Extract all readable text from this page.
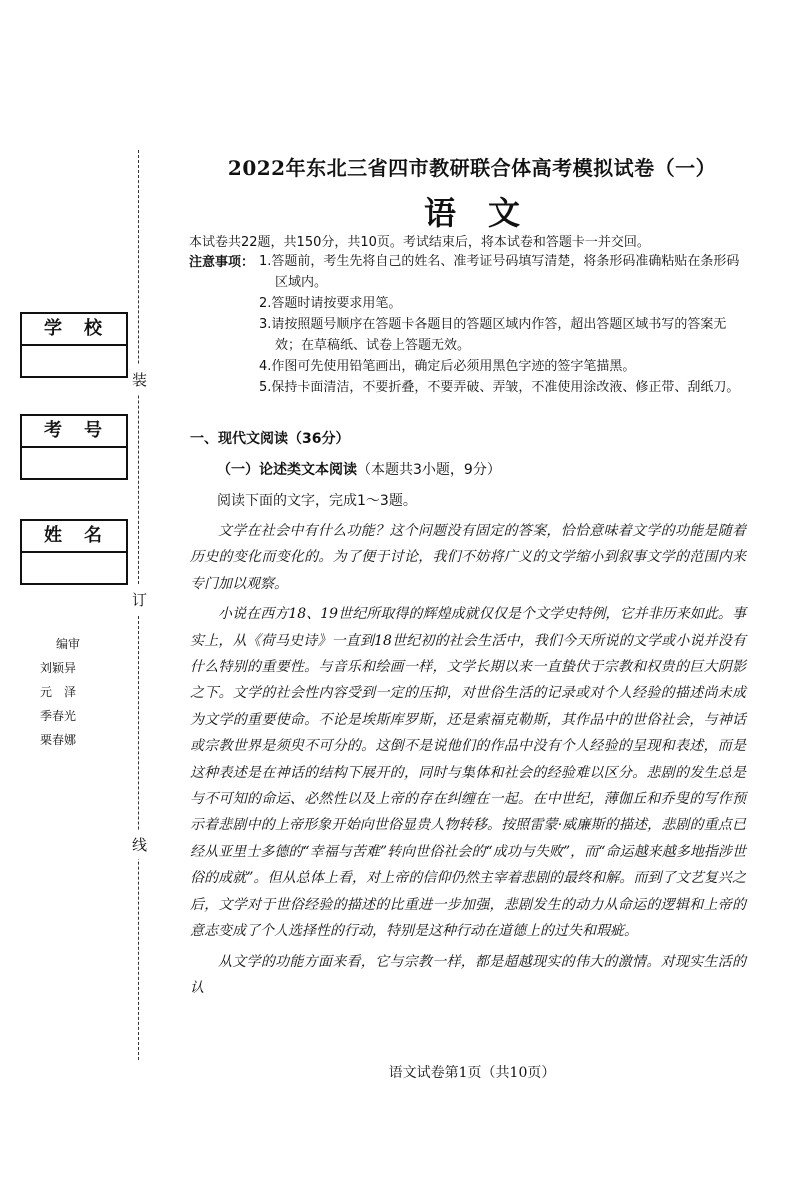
装
订
线
学　校
考　号
姓　名
编审
刘颖异
元　泽
季春光
栗春娜
2022年东北三省四市教研联合体高考模拟试卷（一）
语　文
本试卷共22题，共150分，共10页。考试结束后，将本试卷和答题卡一并交回。
注意事项： 1.答题前，考生先将自己的姓名、准考证号码填写清楚，将条形码准确粘贴在条形码区域内。
2.答题时请按要求用笔。
3.请按照题号顺序在答题卡各题目的答题区域内作答，超出答题区域书写的答案无效；在草稿纸、试卷上答题无效。
4.作图可先使用铅笔画出，确定后必须用黑色字迹的签字笔描黑。
5.保持卡面清洁，不要折叠，不要弄破、弄皱，不准使用涂改液、修正带、刮纸刀。
一、现代文阅读（36分）
（一）论述类文本阅读（本题共3小题，9分）
阅读下面的文字，完成1～3题。

文学在社会中有什么功能？这个问题没有固定的答案，恰恰意味着文学的功能是随着历史的变化而变化的。为了便于讨论，我们不妨将广义的文学缩小到叙事文学的范围内来专门加以观察。

小说在西方18、19世纪所取得的辉煌成就仅仅是个文学史特例，它并非历来如此。事实上，从《荷马史诗》一直到18世纪初的社会生活中，我们今天所说的文学或小说并没有什么特别的重要性。与音乐和绘画一样，文学长期以来一直蛰伏于宗教和权贵的巨大阴影之下。文学的社会性内容受到一定的压抑，对世俗生活的记录或对个人经验的描述尚未成为文学的重要使命。不论是埃斯库罗斯，还是索福克勒斯，其作品中的世俗社会，与神话或宗教世界是须臾不可分的。这倒不是说他们的作品中没有个人经验的呈现和表述，而是这种表述是在神话的结构下展开的，同时与集体和社会的经验难以区分。悲剧的发生总是与不可知的命运、必然性以及上帝的存在纠缠在一起。在中世纪，薄伽丘和乔叟的写作预示着悲剧中的上帝形象开始向世俗显贵人物转移。按照雷蒙·威廉斯的描述，悲剧的重点已经从亚里士多德的“幸福与苦难”转向世俗社会的“成功与失败”，而“命运越来越多地指涉世俗的成就”。但从总体上看，对上帝的信仰仍然主宰着悲剧的最终和解。而到了文艺复兴之后，文学对于世俗经验的描述的比重进一步加强，悲剧发生的动力从命运的逻辑和上帝的意志变成了个人选择性的行动，特别是这种行动在道德上的过失和瑕疵。

从文学的功能方面来看，它与宗教一样，都是超越现实的伟大的激情。对现实生活的认

语文试卷第1页（共10页）
